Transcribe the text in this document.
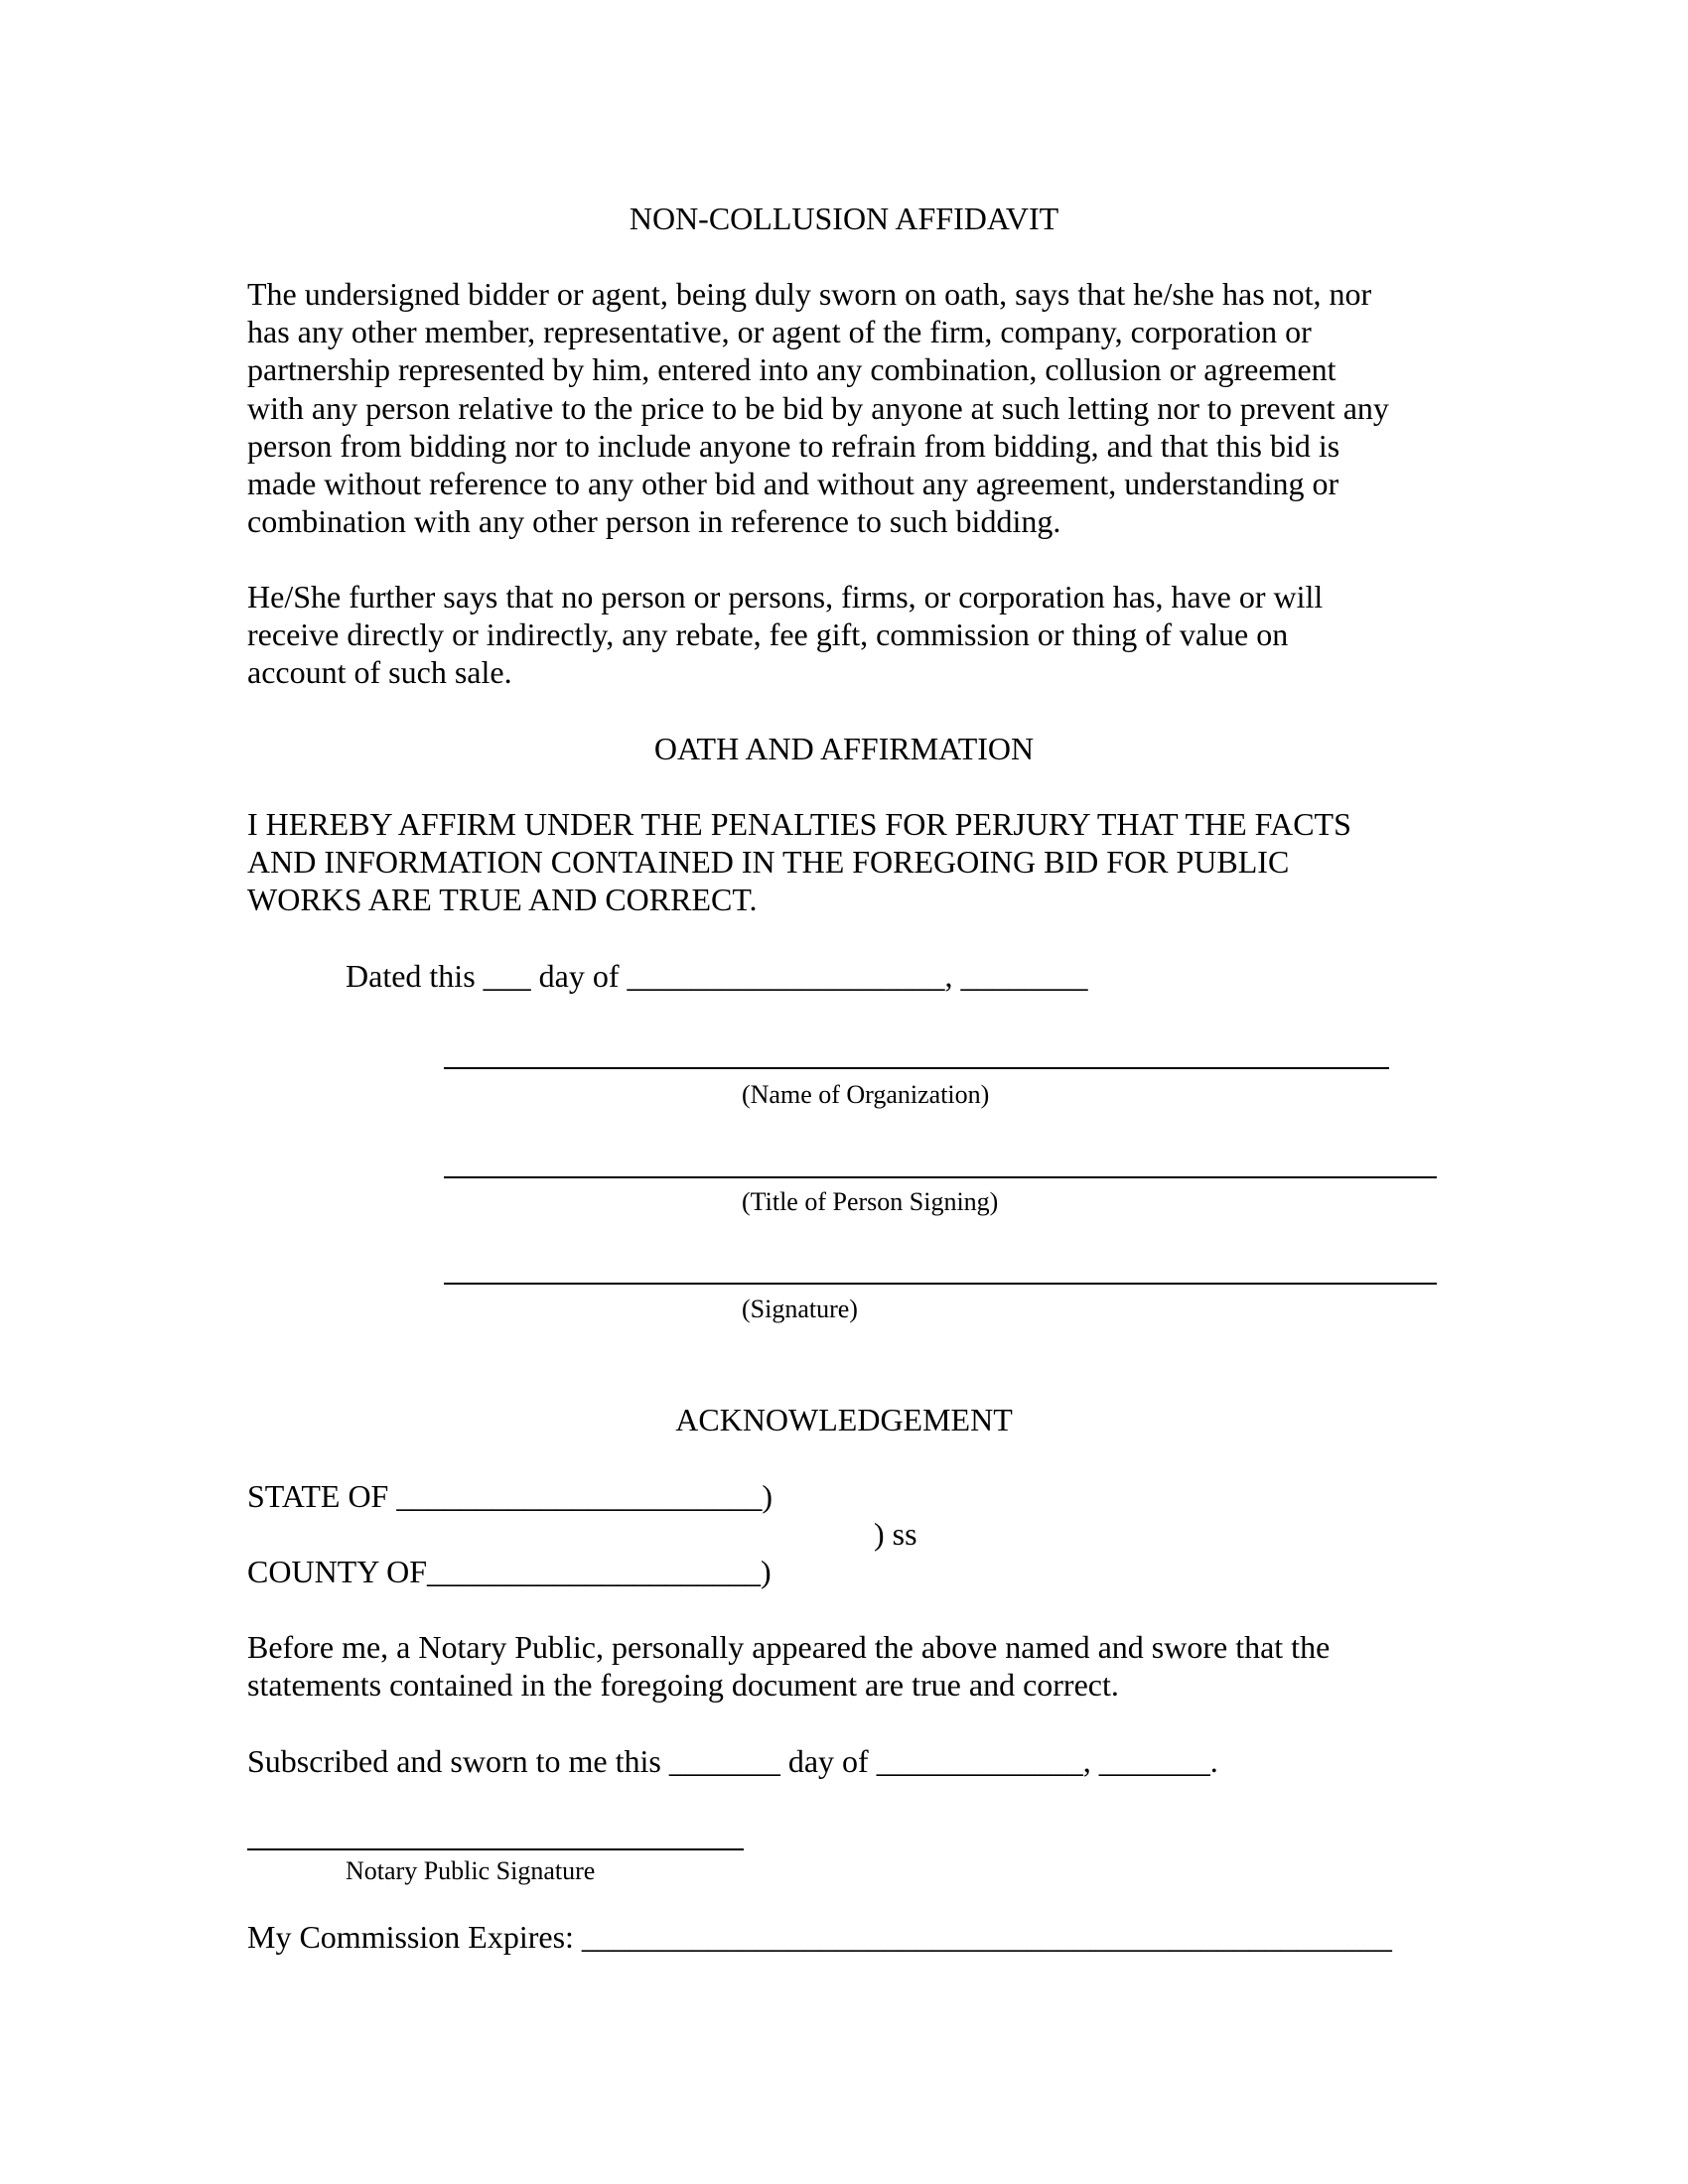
NON-COLLUSION AFFIDAVIT
The undersigned bidder or agent, being duly sworn on oath, says that he/she has not, nor
has any other member, representative, or agent of the firm, company, corporation or
partnership represented by him, entered into any combination, collusion or agreement
with any person relative to the price to be bid by anyone at such letting nor to prevent any
person from bidding nor to include anyone to refrain from bidding, and that this bid is
made without reference to any other bid and without any agreement, understanding or
combination with any other person in reference to such bidding.
He/She further says that no person or persons, firms, or corporation has, have or will
receive directly or indirectly, any rebate, fee gift, commission or thing of value on
account of such sale.
OATH AND AFFIRMATION
I HEREBY AFFIRM UNDER THE PENALTIES FOR PERJURY THAT THE FACTS
AND INFORMATION CONTAINED IN THE FOREGOING BID FOR PUBLIC
WORKS ARE TRUE AND CORRECT.
Dated this ___ day of ____________________, ________
(Name of Organization)
(Title of Person Signing)
(Signature)
ACKNOWLEDGEMENT
STATE OF _______________________)
) ss
COUNTY OF_____________________)
Before me, a Notary Public, personally appeared the above named and swore that the
statements contained in the foregoing document are true and correct.
Subscribed and sworn to me this _______ day of _____________, _______.
Notary Public Signature
My Commission Expires: ___________________________________________________
